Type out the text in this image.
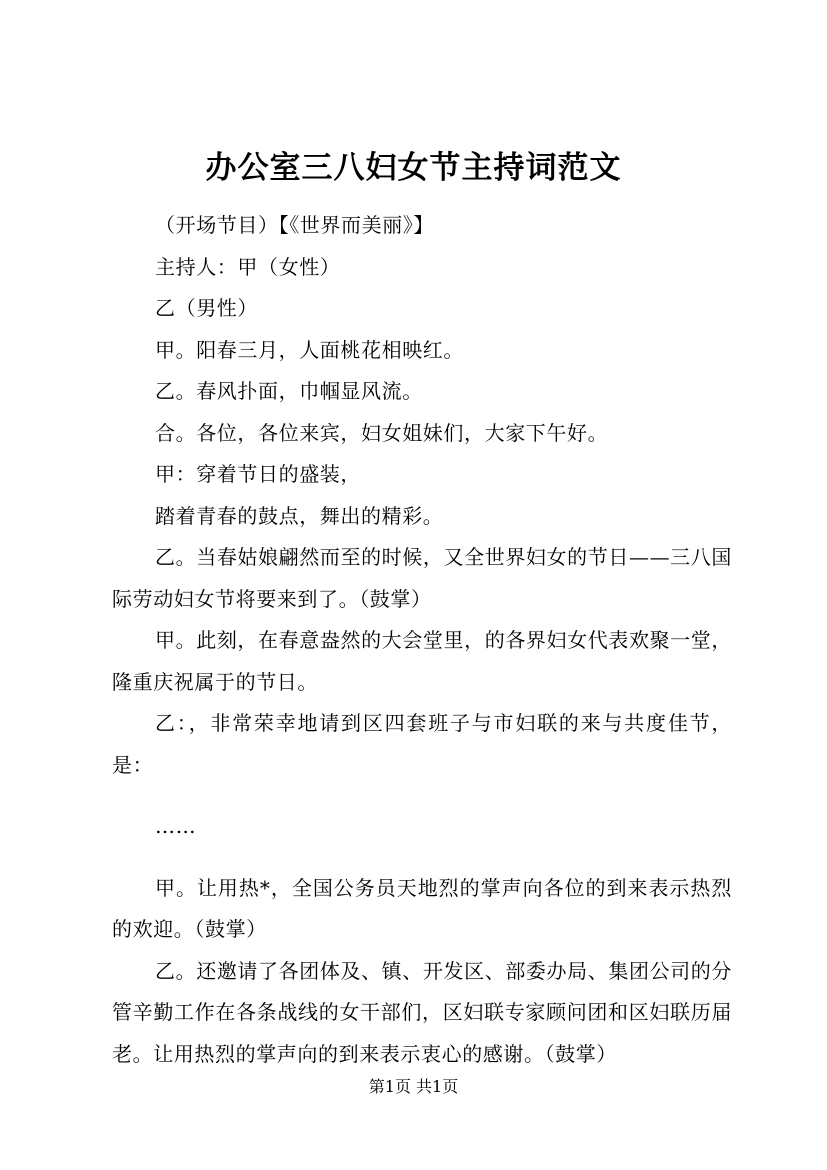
办公室三八妇女节主持词范文

（开场节目）【《世界而美丽》】

主持人：甲（女性）

乙（男性）

甲。阳春三月，人面桃花相映红。

乙。春风扑面，巾帼显风流。

合。各位，各位来宾，妇女姐妹们，大家下午好。

甲：穿着节日的盛装，

踏着青春的鼓点，舞出的精彩。

乙。当春姑娘翩然而至的时候，又全世界妇女的节日——三八国际劳动妇女节将要来到了。（鼓掌）

甲。此刻，在春意盎然的大会堂里，的各界妇女代表欢聚一堂，隆重庆祝属于的节日。

乙：，非常荣幸地请到区四套班子与市妇联的来与共度佳节，是：

……

甲。让用热*，全国公务员天地烈的掌声向各位的到来表示热烈的欢迎。（鼓掌）

乙。还邀请了各团体及、镇、开发区、部委办局、集团公司的分管辛勤工作在各条战线的女干部们，区妇联专家顾问团和区妇联历届老。让用热烈的掌声向的到来表示衷心的感谢。（鼓掌）

第1页 共1页
